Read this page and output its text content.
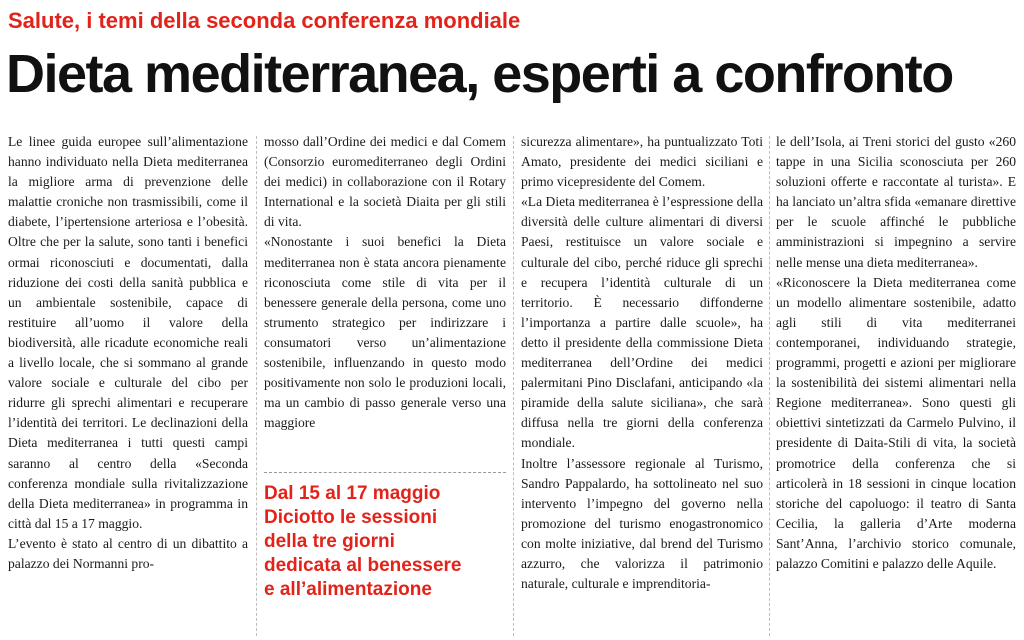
Salute, i temi della seconda conferenza mondiale
Dieta mediterranea, esperti a confronto

Le linee guida europee sull’alimentazione hanno individuato nella Dieta mediterranea la migliore arma di prevenzione delle malattie croniche non trasmissibili, come il diabete, l’ipertensione arteriosa e l’obesità. Oltre che per la salute, sono tanti i benefici ormai riconosciuti e documentati, dalla riduzione dei costi della sanità pubblica e un ambientale sostenibile, capace di restituire all’uomo il valore della biodiversità, alle ricadute economiche reali a livello locale, che si sommano al grande valore sociale e culturale del cibo per ridurre gli sprechi alimentari e recuperare l’identità dei territori. Le declinazioni della Dieta mediterranea i tutti questi campi saranno al centro della «Seconda conferenza mondiale sulla rivitalizzazione della Dieta mediterranea» in programma in città dal 15 a 17 maggio.

L’evento è stato al centro di un dibattito a palazzo dei Normanni pro-

mosso dall’Ordine dei medici e dal Comem (Consorzio euromediterraneo degli Ordini dei medici) in collaborazione con il Rotary International e la società Diaita per gli stili di vita.

«Nonostante i suoi benefici la Dieta mediterranea non è stata ancora pienamente riconosciuta come stile di vita per il benessere generale della persona, come uno strumento strategico per indirizzare i consumatori verso un’alimentazione sostenibile, influenzando in questo modo positivamente non solo le produzioni locali, ma un cambio di passo generale verso una maggiore

Dal 15 al 17 maggio
Diciotto le sessioni
della tre giorni
dedicata al benessere
e all’alimentazione

sicurezza alimentare», ha puntualizzato Toti Amato, presidente dei medici siciliani e primo vicepresidente del Comem.

«La Dieta mediterranea è l’espressione della diversità delle culture alimentari di diversi Paesi, restituisce un valore sociale e culturale del cibo, perché riduce gli sprechi e recupera l’identità culturale di un territorio. È necessario diffonderne l’importanza a partire dalle scuole», ha detto il presidente della commissione Dieta mediterranea dell’Ordine dei medici palermitani Pino Disclafani, anticipando «la piramide della salute siciliana», che sarà diffusa nella tre giorni della conferenza mondiale.

Inoltre l’assessore regionale al Turismo, Sandro Pappalardo, ha sottolineato nel suo intervento l’impegno del governo nella promozione del turismo enogastronomico con molte iniziative, dal brend del Turismo azzurro, che valorizza il patrimonio naturale, culturale e imprenditoria-

le dell’Isola, ai Treni storici del gusto «260 tappe in una Sicilia sconosciuta per 260 soluzioni offerte e raccontate al turista». E ha lanciato un’altra sfida «emanare direttive per le scuole affinché le pubbliche amministrazioni si impegnino a servire nelle mense una dieta mediterranea».

«Riconoscere la Dieta mediterranea come un modello alimentare sostenibile, adatto agli stili di vita mediterranei contemporanei, individuando strategie, programmi, progetti e azioni per migliorare la sostenibilità dei sistemi alimentari nella Regione mediterranea». Sono questi gli obiettivi sintetizzati da Carmelo Pulvino, il presidente di Daita-Stili di vita, la società promotrice della conferenza che si articolerà in 18 sessioni in cinque location storiche del capoluogo: il teatro di Santa Cecilia, la galleria d’Arte moderna Sant’Anna, l’archivio storico comunale, palazzo Comitini e palazzo delle Aquile.
